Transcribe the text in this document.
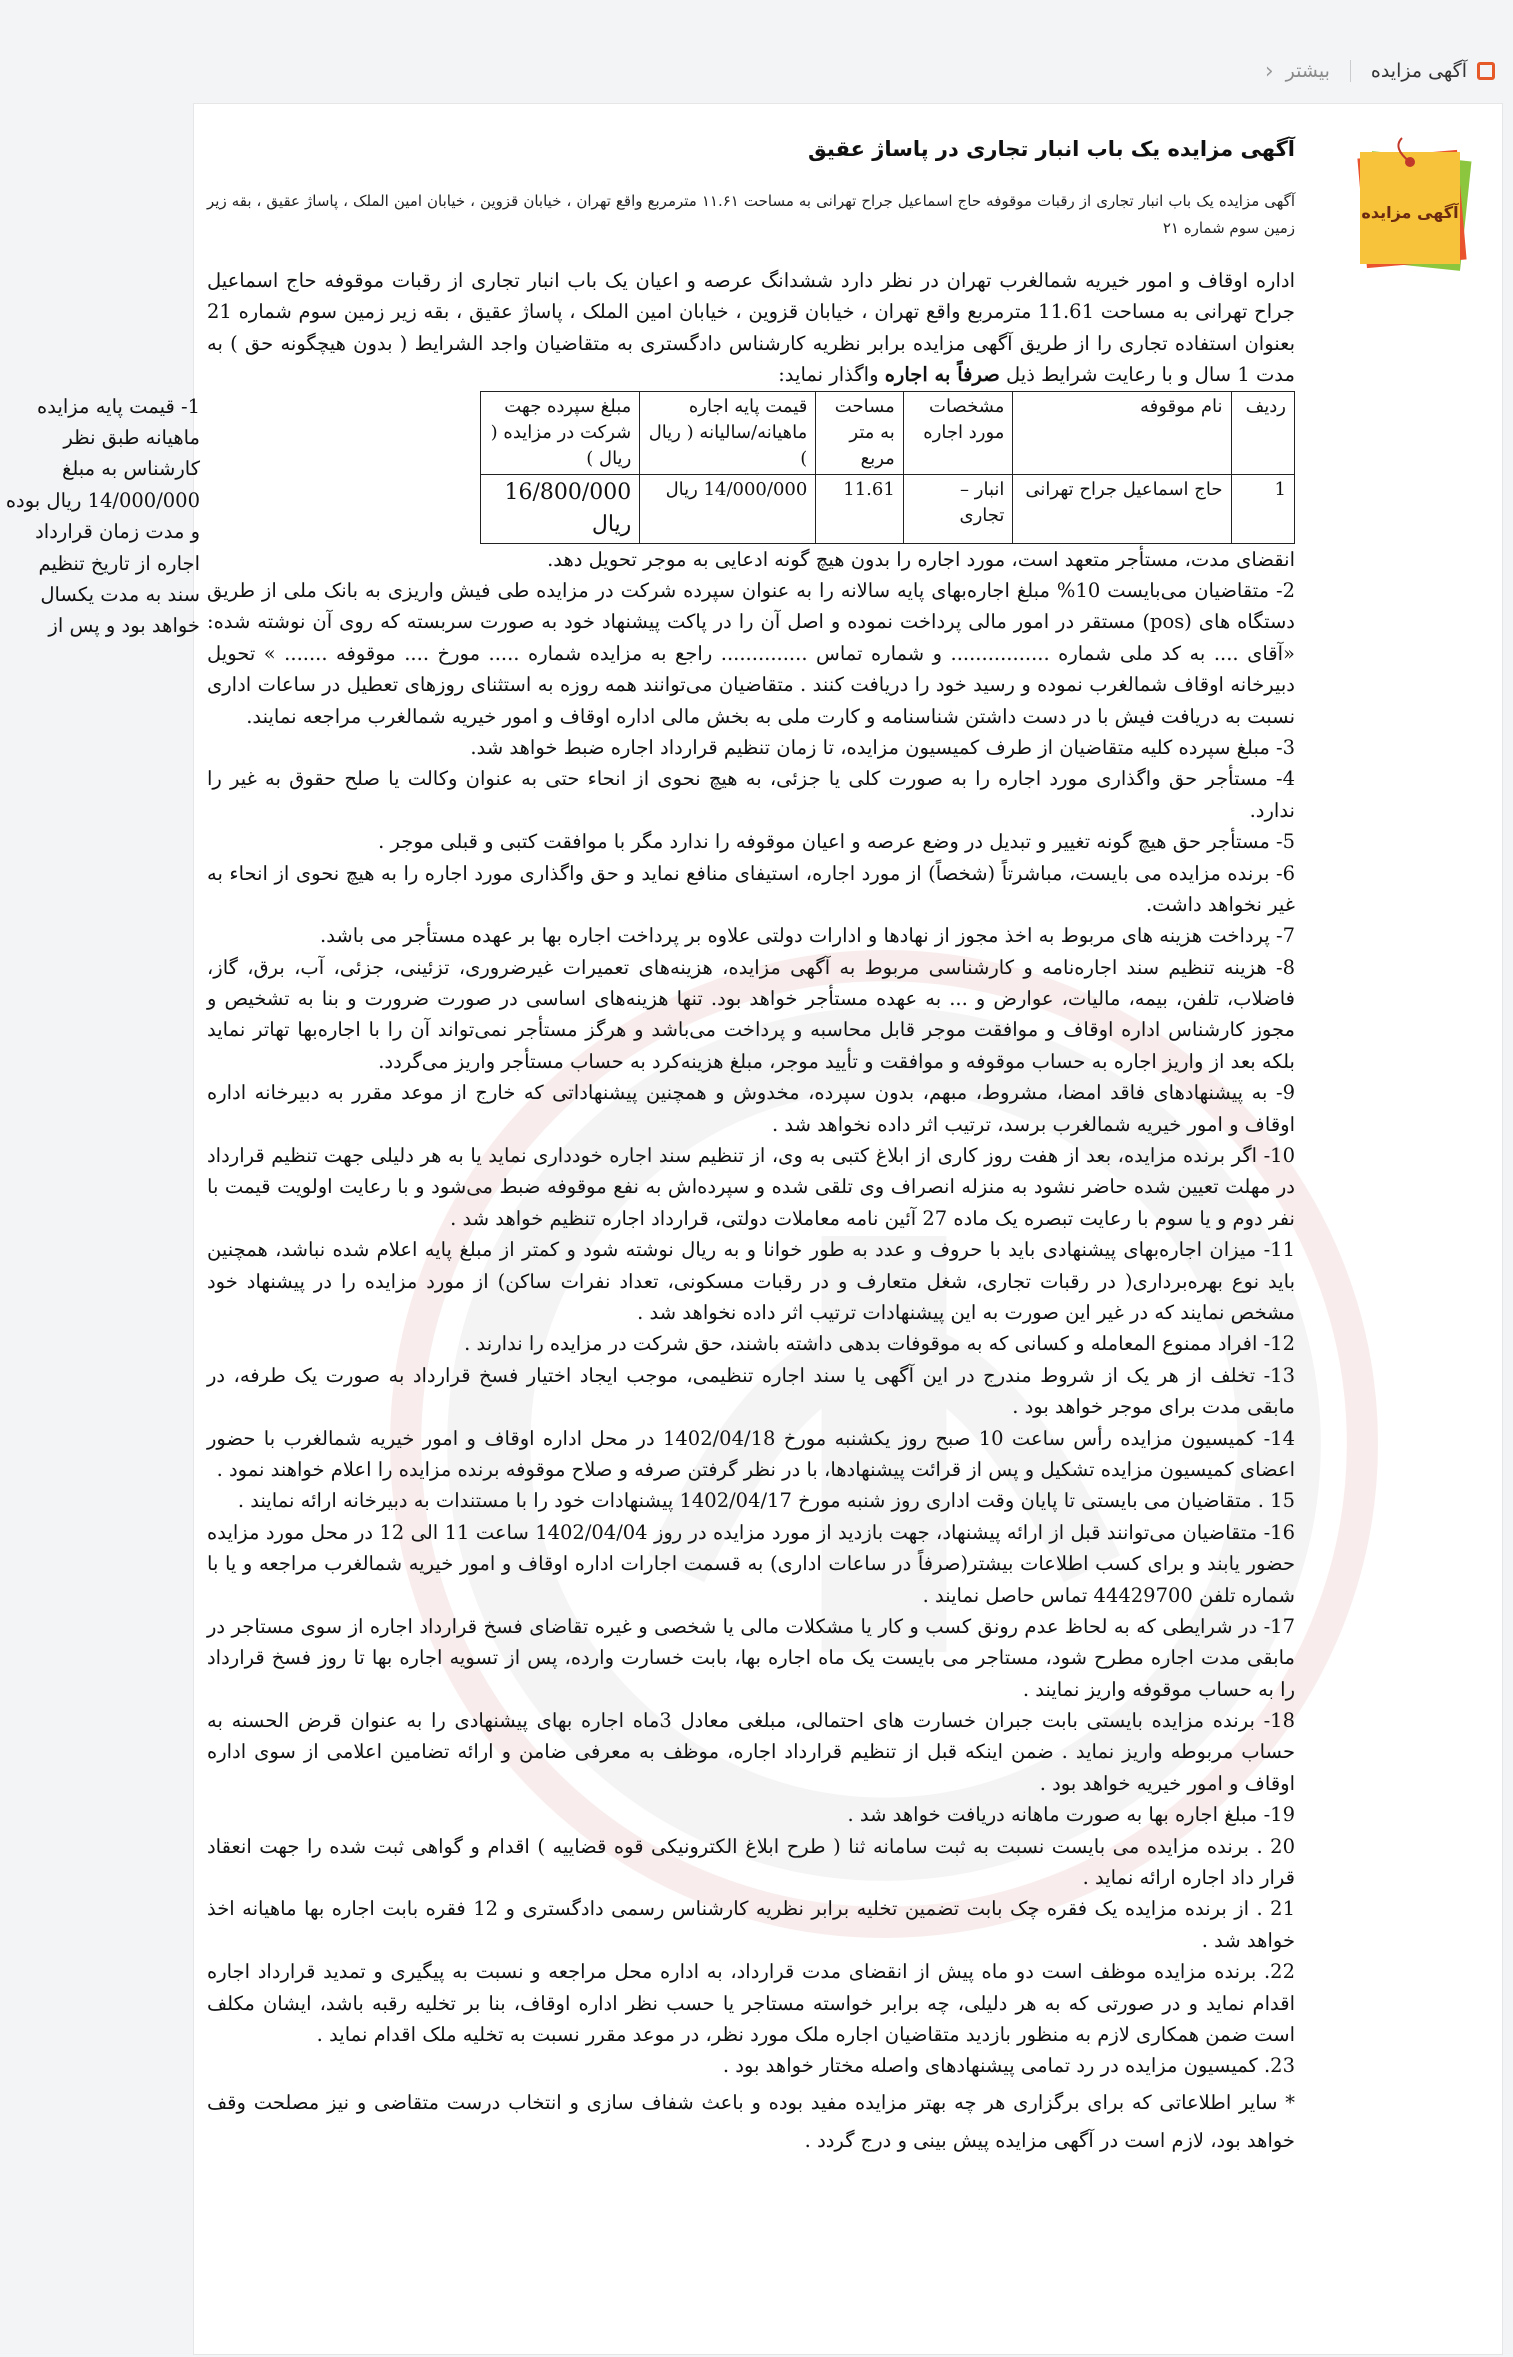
آگهی مزایده
بیشتر
‹
آگهی مزایده
آگهی مزایده یک باب انبار تجاری در پاساژ عقیق

آگهی مزایده یک باب انبار تجاری از رقبات موقوفه حاج اسماعیل جراح تهرانی به مساحت ۱۱.۶۱ مترمربع واقع تهران ، خیابان قزوین ، خیابان امین الملک ، پاساژ عقیق ، بقه زیر زمین سوم شماره ۲۱

اداره اوقاف و امور خیریه شمالغرب تهران در نظر دارد ششدانگ عرصه و اعیان یک باب انبار تجاری از رقبات موقوفه حاج اسماعیل جراح تهرانی به مساحت 11.61 مترمربع واقع تهران ، خیابان قزوین ، خیابان امین الملک ، پاساژ عقیق ، بقه زیر زمین سوم شماره 21 بعنوان استفاده تجاری را از طریق آگهی مزایده برابر نظریه کارشناس دادگستری به متقاضیان واجد الشرایط ( بدون هیچگونه حق ) به مدت 1 سال و با رعایت شرایط ذیل صرفاً به اجاره واگذار نماید:

1- قیمت پایه مزایده ماهیانه طبق نظر کارشناس به مبلغ 14/000/000 ریال بوده و مدت زمان قرارداد اجاره از تاریخ تنظیم سند به مدت یکسال خواهد بود و پس از
ردیف	نام موقوفه	مشخصات مورد اجاره	مساحت به متر مربع	قیمت پایه اجاره ماهیانه/سالیانه ( ریال )	مبلغ سپرده جهت شرکت در مزایده ( ریال )
1	حاج اسماعیل جراح تهرانی	انبار – تجاری	11.61	14/000/000 ریال	16/800/000 ریال

انقضای مدت، مستأجر متعهد است، مورد اجاره را بدون هیچ گونه ادعایی به موجر تحویل دهد.

2- متقاضیان می‌بایست 10% مبلغ اجاره‌بهای پایه سالانه را به عنوان سپرده شرکت در مزایده طی فیش واریزی به بانک ملی از طریق دستگاه های (pos) مستقر در امور مالی پرداخت نموده و اصل آن را در پاکت پیشنهاد خود به صورت سربسته که روی آن نوشته شده: «آقای .... به کد ملی شماره ................ و شماره تماس .............. راجع به مزایده شماره ..... مورخ .... موقوفه ....... » تحویل دبیرخانه اوقاف شمالغرب نموده و رسید خود را دریافت کنند . متقاضیان می‌توانند همه روزه به استثنای روزهای تعطیل در ساعات اداری نسبت به دریافت فیش با در دست داشتن شناسنامه و کارت ملی به بخش مالی اداره اوقاف و امور خیریه شمالغرب مراجعه نمایند.

3- مبلغ سپرده کلیه متقاضیان از طرف کمیسیون مزایده، تا زمان تنظیم قرارداد اجاره ضبط خواهد شد.

4- مستأجر حق واگذاری مورد اجاره را به صورت کلی یا جزئی، به هیچ نحوی از انحاء حتی به عنوان وکالت یا صلح حقوق به غیر را ندارد.

5- مستأجر حق هیچ گونه تغییر و تبدیل در وضع عرصه و اعیان موقوفه را ندارد مگر با موافقت کتبی و قبلی موجر .

6- برنده مزایده می بایست، مباشرتاً (شخصاً) از مورد اجاره، استیفای منافع نماید و حق واگذاری مورد اجاره را به هیچ نحوی از انحاء به غیر نخواهد داشت.

7- پرداخت هزینه های مربوط به اخذ مجوز از نهادها و ادارات دولتی علاوه بر پرداخت اجاره بها بر عهده مستأجر می باشد.

8- هزینه تنظیم سند اجاره‌نامه و کارشناسی مربوط به آگهی مزایده، هزینه‌های تعمیرات غیرضروری، تزئینی، جزئی، آب، برق، گاز، فاضلاب، تلفن، بیمه، مالیات، عوارض و ... به عهده مستأجر خواهد بود. تنها هزینه‌های اساسی در صورت ضرورت و بنا به تشخیص و مجوز کارشناس اداره اوقاف و موافقت موجر قابل محاسبه و پرداخت می‌باشد و هرگز مستأجر نمی‌تواند آن را با اجاره‌بها تهاتر نماید بلکه بعد از واریز اجاره به حساب موقوفه و موافقت و تأیید موجر، مبلغ هزینه‌کرد به حساب مستأجر واریز می‌گردد.

9- به پیشنهادهای فاقد امضا، مشروط، مبهم، بدون سپرده، مخدوش و همچنین پیشنهاداتی که خارج از موعد مقرر به دبیرخانه اداره اوقاف و امور خیریه شمالغرب برسد، ترتیب اثر داده نخواهد شد .

10- اگر برنده مزایده، بعد از هفت روز کاری از ابلاغ کتبی به وی، از تنظیم سند اجاره خودداری نماید یا به هر دلیلی جهت تنظیم قرارداد در مهلت تعیین شده حاضر نشود به منزله انصراف وی تلقی شده و سپرده‌اش به نفع موقوفه ضبط می‌شود و با رعایت اولویت قیمت با نفر دوم و یا سوم با رعایت تبصره یک ماده 27 آئین نامه معاملات دولتی، قرارداد اجاره تنظیم خواهد شد .

11- میزان اجاره‌بهای پیشنهادی باید با حروف و عدد به طور خوانا و به ریال نوشته شود و کمتر از مبلغ پایه اعلام شده نباشد، همچنین باید نوع بهره‌برداری( در رقبات تجاری، شغل متعارف و در رقبات مسکونی، تعداد نفرات ساکن) از مورد مزایده را در پیشنهاد خود مشخص نمایند که در غیر این صورت به این پیشنهادات ترتیب اثر داده نخواهد شد .

12- افراد ممنوع المعامله و کسانی که به موقوفات بدهی داشته باشند، حق شرکت در مزایده را ندارند .

13- تخلف از هر یک از شروط مندرج در این آگهی یا سند اجاره تنظیمی، موجب ایجاد اختیار فسخ قرارداد به صورت یک طرفه، در مابقی مدت برای موجر خواهد بود .

14- کمیسیون مزایده رأس ساعت 10 صبح روز یکشنبه مورخ 1402/04/18 در محل اداره اوقاف و امور خیریه شمالغرب با حضور اعضای کمیسیون مزایده تشکیل و پس از قرائت پیشنهادها، با در نظر گرفتن صرفه و صلاح موقوفه برنده مزایده را اعلام خواهند نمود .

15 . متقاضیان می بایستی تا پایان وقت اداری روز شنبه مورخ 1402/04/17 پیشنهادات خود را با مستندات به دبیرخانه ارائه نمایند .

16- متقاضیان می‌توانند قبل از ارائه پیشنهاد، جهت بازدید از مورد مزایده در روز 1402/04/04 ساعت 11 الی 12 در محل مورد مزایده حضور یابند و برای کسب اطلاعات بیشتر(صرفاً در ساعات اداری) به قسمت اجارات اداره اوقاف و امور خیریه شمالغرب مراجعه و یا با شماره تلفن 44429700 تماس حاصل نمایند .

17- در شرایطی که به لحاظ عدم رونق کسب و کار یا مشکلات مالی یا شخصی و غیره تقاضای فسخ قرارداد اجاره از سوی مستاجر در مابقی مدت اجاره مطرح شود، مستاجر می بایست یک ماه اجاره بها، بابت خسارت وارده، پس از تسویه اجاره بها تا روز فسخ قرارداد را به حساب موقوفه واریز نمایند .

18- برنده مزایده بایستی بابت جبران خسارت های احتمالی، مبلغی معادل 3ماه اجاره بهای پیشنهادی را به عنوان قرض الحسنه به حساب مربوطه واریز نماید . ضمن اینکه قبل از تنظیم قرارداد اجاره، موظف به معرفی ضامن و ارائه تضامین اعلامی از سوی اداره اوقاف و امور خیریه خواهد بود .

19- مبلغ اجاره بها به صورت ماهانه دریافت خواهد شد .

20 . برنده مزایده می بایست نسبت به ثبت سامانه ثنا ( طرح ابلاغ الکترونیکی قوه قضاییه ) اقدام و گواهی ثبت شده را جهت انعقاد قرار داد اجاره ارائه نماید .

21 . از برنده مزایده یک فقره چک بابت تضمین تخلیه برابر نظریه کارشناس رسمی دادگستری و 12 فقره بابت اجاره بها ماهیانه اخذ خواهد شد .

22. برنده مزایده موظف است دو ماه پیش از انقضای مدت قرارداد، به اداره محل مراجعه و نسبت به پیگیری و تمدید قرارداد اجاره اقدام نماید و در صورتی که به هر دلیلی، چه برابر خواسته مستاجر یا حسب نظر اداره اوقاف، بنا بر تخلیه رقبه باشد، ایشان مکلف است ضمن همکاری لازم به منظور بازدید متقاضیان اجاره ملک مورد نظر، در موعد مقرر نسبت به تخلیه ملک اقدام نماید .

23. کمیسیون مزایده در رد تمامی پیشنهادهای واصله مختار خواهد بود .

* سایر اطلاعاتی که برای برگزاری هر چه بهتر مزایده مفید بوده و باعث شفاف سازی و انتخاب درست متقاضی و نیز مصلحت وقف خواهد بود، لازم است در آگهی مزایده پیش بینی و درج گردد .
